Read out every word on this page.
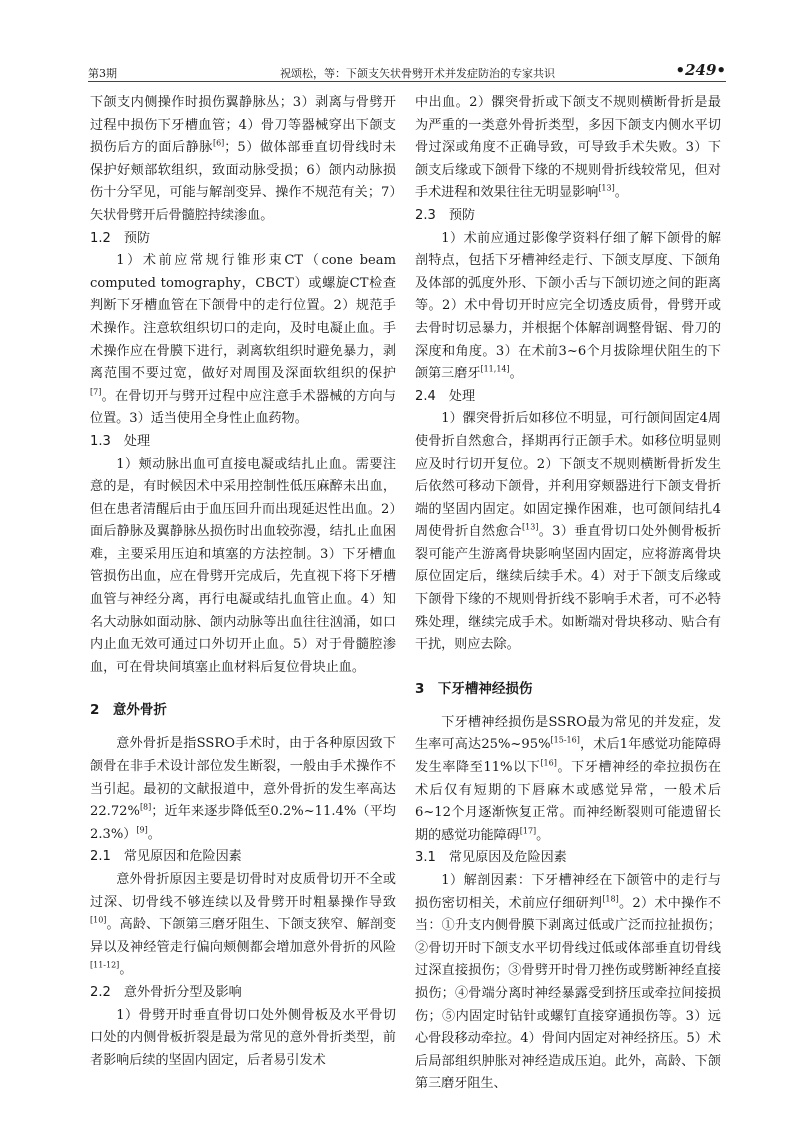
第3期	祝颂松，等：下颌支矢状骨劈开术并发症防治的专家共识	•249•

下颌支内侧操作时损伤翼静脉丛；3）剥离与骨劈开过程中损伤下牙槽血管；4）骨刀等器械穿出下颌支损伤后方的面后静脉[6]；5）做体部垂直切骨线时未保护好颊部软组织，致面动脉受损；6）颌内动脉损伤十分罕见，可能与解剖变异、操作不规范有关；7）矢状骨劈开后骨髓腔持续渗血。

1.2　预防

1）术前应常规行锥形束CT（cone beam computed tomography，CBCT）或螺旋CT检查判断下牙槽血管在下颌骨中的走行位置。2）规范手术操作。注意软组织切口的走向，及时电凝止血。手术操作应在骨膜下进行，剥离软组织时避免暴力，剥离范围不要过宽，做好对周围及深面软组织的保护[7]。在骨切开与劈开过程中应注意手术器械的方向与位置。3）适当使用全身性止血药物。

1.3　处理

1）颊动脉出血可直接电凝或结扎止血。需要注意的是，有时候因术中采用控制性低压麻醉未出血，但在患者清醒后由于血压回升而出现延迟性出血。2）面后静脉及翼静脉丛损伤时出血较弥漫，结扎止血困难，主要采用压迫和填塞的方法控制。3）下牙槽血管损伤出血，应在骨劈开完成后，先直视下将下牙槽血管与神经分离，再行电凝或结扎血管止血。4）知名大动脉如面动脉、颌内动脉等出血往往汹涌，如口内止血无效可通过口外切开止血。5）对于骨髓腔渗血，可在骨块间填塞止血材料后复位骨块止血。

2　意外骨折

意外骨折是指SSRO手术时，由于各种原因致下颌骨在非手术设计部位发生断裂，一般由手术操作不当引起。最初的文献报道中，意外骨折的发生率高达22.72%[8]；近年来逐步降低至0.2%~11.4%（平均2.3%）[9]。

2.1　常见原因和危险因素

意外骨折原因主要是切骨时对皮质骨切开不全或过深、切骨线不够连续以及骨劈开时粗暴操作导致[10]。高龄、下颌第三磨牙阻生、下颌支狭窄、解剖变异以及神经管走行偏向颊侧都会增加意外骨折的风险[11-12]。

2.2　意外骨折分型及影响

1）骨劈开时垂直骨切口处外侧骨板及水平骨切口处的内侧骨板折裂是最为常见的意外骨折类型，前者影响后续的坚固内固定，后者易引发术

中出血。2）髁突骨折或下颌支不规则横断骨折是最为严重的一类意外骨折类型，多因下颌支内侧水平切骨过深或角度不正确导致，可导致手术失败。3）下颌支后缘或下颌骨下缘的不规则骨折线较常见，但对手术进程和效果往往无明显影响[13]。

2.3　预防

1）术前应通过影像学资料仔细了解下颌骨的解剖特点，包括下牙槽神经走行、下颌支厚度、下颌角及体部的弧度外形、下颌小舌与下颌切迹之间的距离等。2）术中骨切开时应完全切透皮质骨，骨劈开或去骨时切忌暴力，并根据个体解剖调整骨锯、骨刀的深度和角度。3）在术前3~6个月拔除埋伏阻生的下颌第三磨牙[11,14]。

2.4　处理

1）髁突骨折后如移位不明显，可行颌间固定4周使骨折自然愈合，择期再行正颌手术。如移位明显则应及时行切开复位。2）下颌支不规则横断骨折发生后依然可移动下颌骨，并利用穿颊器进行下颌支骨折端的坚固内固定。如固定操作困难，也可颌间结扎4周使骨折自然愈合[13]。3）垂直骨切口处外侧骨板折裂可能产生游离骨块影响坚固内固定，应将游离骨块原位固定后，继续后续手术。4）对于下颌支后缘或下颌骨下缘的不规则骨折线不影响手术者，可不必特殊处理，继续完成手术。如断端对骨块移动、贴合有干扰，则应去除。

3　下牙槽神经损伤

下牙槽神经损伤是SSRO最为常见的并发症，发生率可高达25%~95%[15-16]，术后1年感觉功能障碍发生率降至11%以下[16]。下牙槽神经的牵拉损伤在术后仅有短期的下唇麻木或感觉异常，一般术后6~12个月逐渐恢复正常。而神经断裂则可能遗留长期的感觉功能障碍[17]。

3.1　常见原因及危险因素

1）解剖因素：下牙槽神经在下颌管中的走行与损伤密切相关，术前应仔细研判[18]。2）术中操作不当：①升支内侧骨膜下剥离过低或广泛而拉扯损伤；②骨切开时下颌支水平切骨线过低或体部垂直切骨线过深直接损伤；③骨劈开时骨刀挫伤或劈断神经直接损伤；④骨端分离时神经暴露受到挤压或牵拉间接损伤；⑤内固定时钻针或螺钉直接穿通损伤等。3）远心骨段移动牵拉。4）骨间内固定对神经挤压。5）术后局部组织肿胀对神经造成压迫。此外，高龄、下颌第三磨牙阻生、
